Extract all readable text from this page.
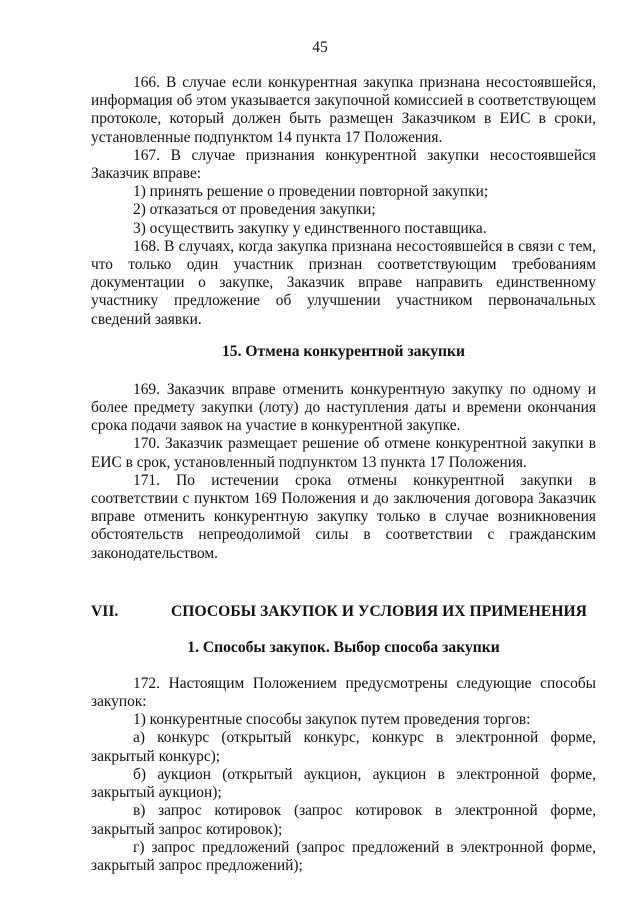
45

166. В случае если конкурентная закупка признана несостоявшейся, информация об этом указывается закупочной комиссией в соответствующем протоколе, который должен быть размещен Заказчиком в ЕИС в сроки, установленные подпунктом 14 пункта 17 Положения.

167. В случае признания конкурентной закупки несостоявшейся Заказчик вправе:

1) принять решение о проведении повторной закупки;

2) отказаться от проведения закупки;

3) осуществить закупку у единственного поставщика.

168. В случаях, когда закупка признана несостоявшейся в связи с тем, что только один участник признан соответствующим требованиям документации о закупке, Заказчик вправе направить единственному участнику предложение об улучшении участником первоначальных сведений заявки.

15. Отмена конкурентной закупки

169. Заказчик вправе отменить конкурентную закупку по одному и более предмету закупки (лоту) до наступления даты и времени окончания срока подачи заявок на участие в конкурентной закупке.

170. Заказчик размещает решение об отмене конкурентной закупки в ЕИС в срок, установленный подпунктом 13 пункта 17 Положения.

171. По истечении срока отмены конкурентной закупки в соответствии с пунктом 169 Положения и до заключения договора Заказчик вправе отменить конкурентную закупку только в случае возникновения обстоятельств непреодолимой силы в соответствии с гражданским законодательством.

VII.	СПОСОБЫ ЗАКУПОК И УСЛОВИЯ ИХ ПРИМЕНЕНИЯ
1. Способы закупок. Выбор способа закупки

172. Настоящим Положением предусмотрены следующие способы закупок:

1) конкурентные способы закупок путем проведения торгов:

а) конкурс (открытый конкурс, конкурс в электронной форме, закрытый конкурс);

б) аукцион (открытый аукцион, аукцион в электронной форме, закрытый аукцион);

в) запрос котировок (запрос котировок в электронной форме, закрытый запрос котировок);

г) запрос предложений (запрос предложений в электронной форме, закрытый запрос предложений);
